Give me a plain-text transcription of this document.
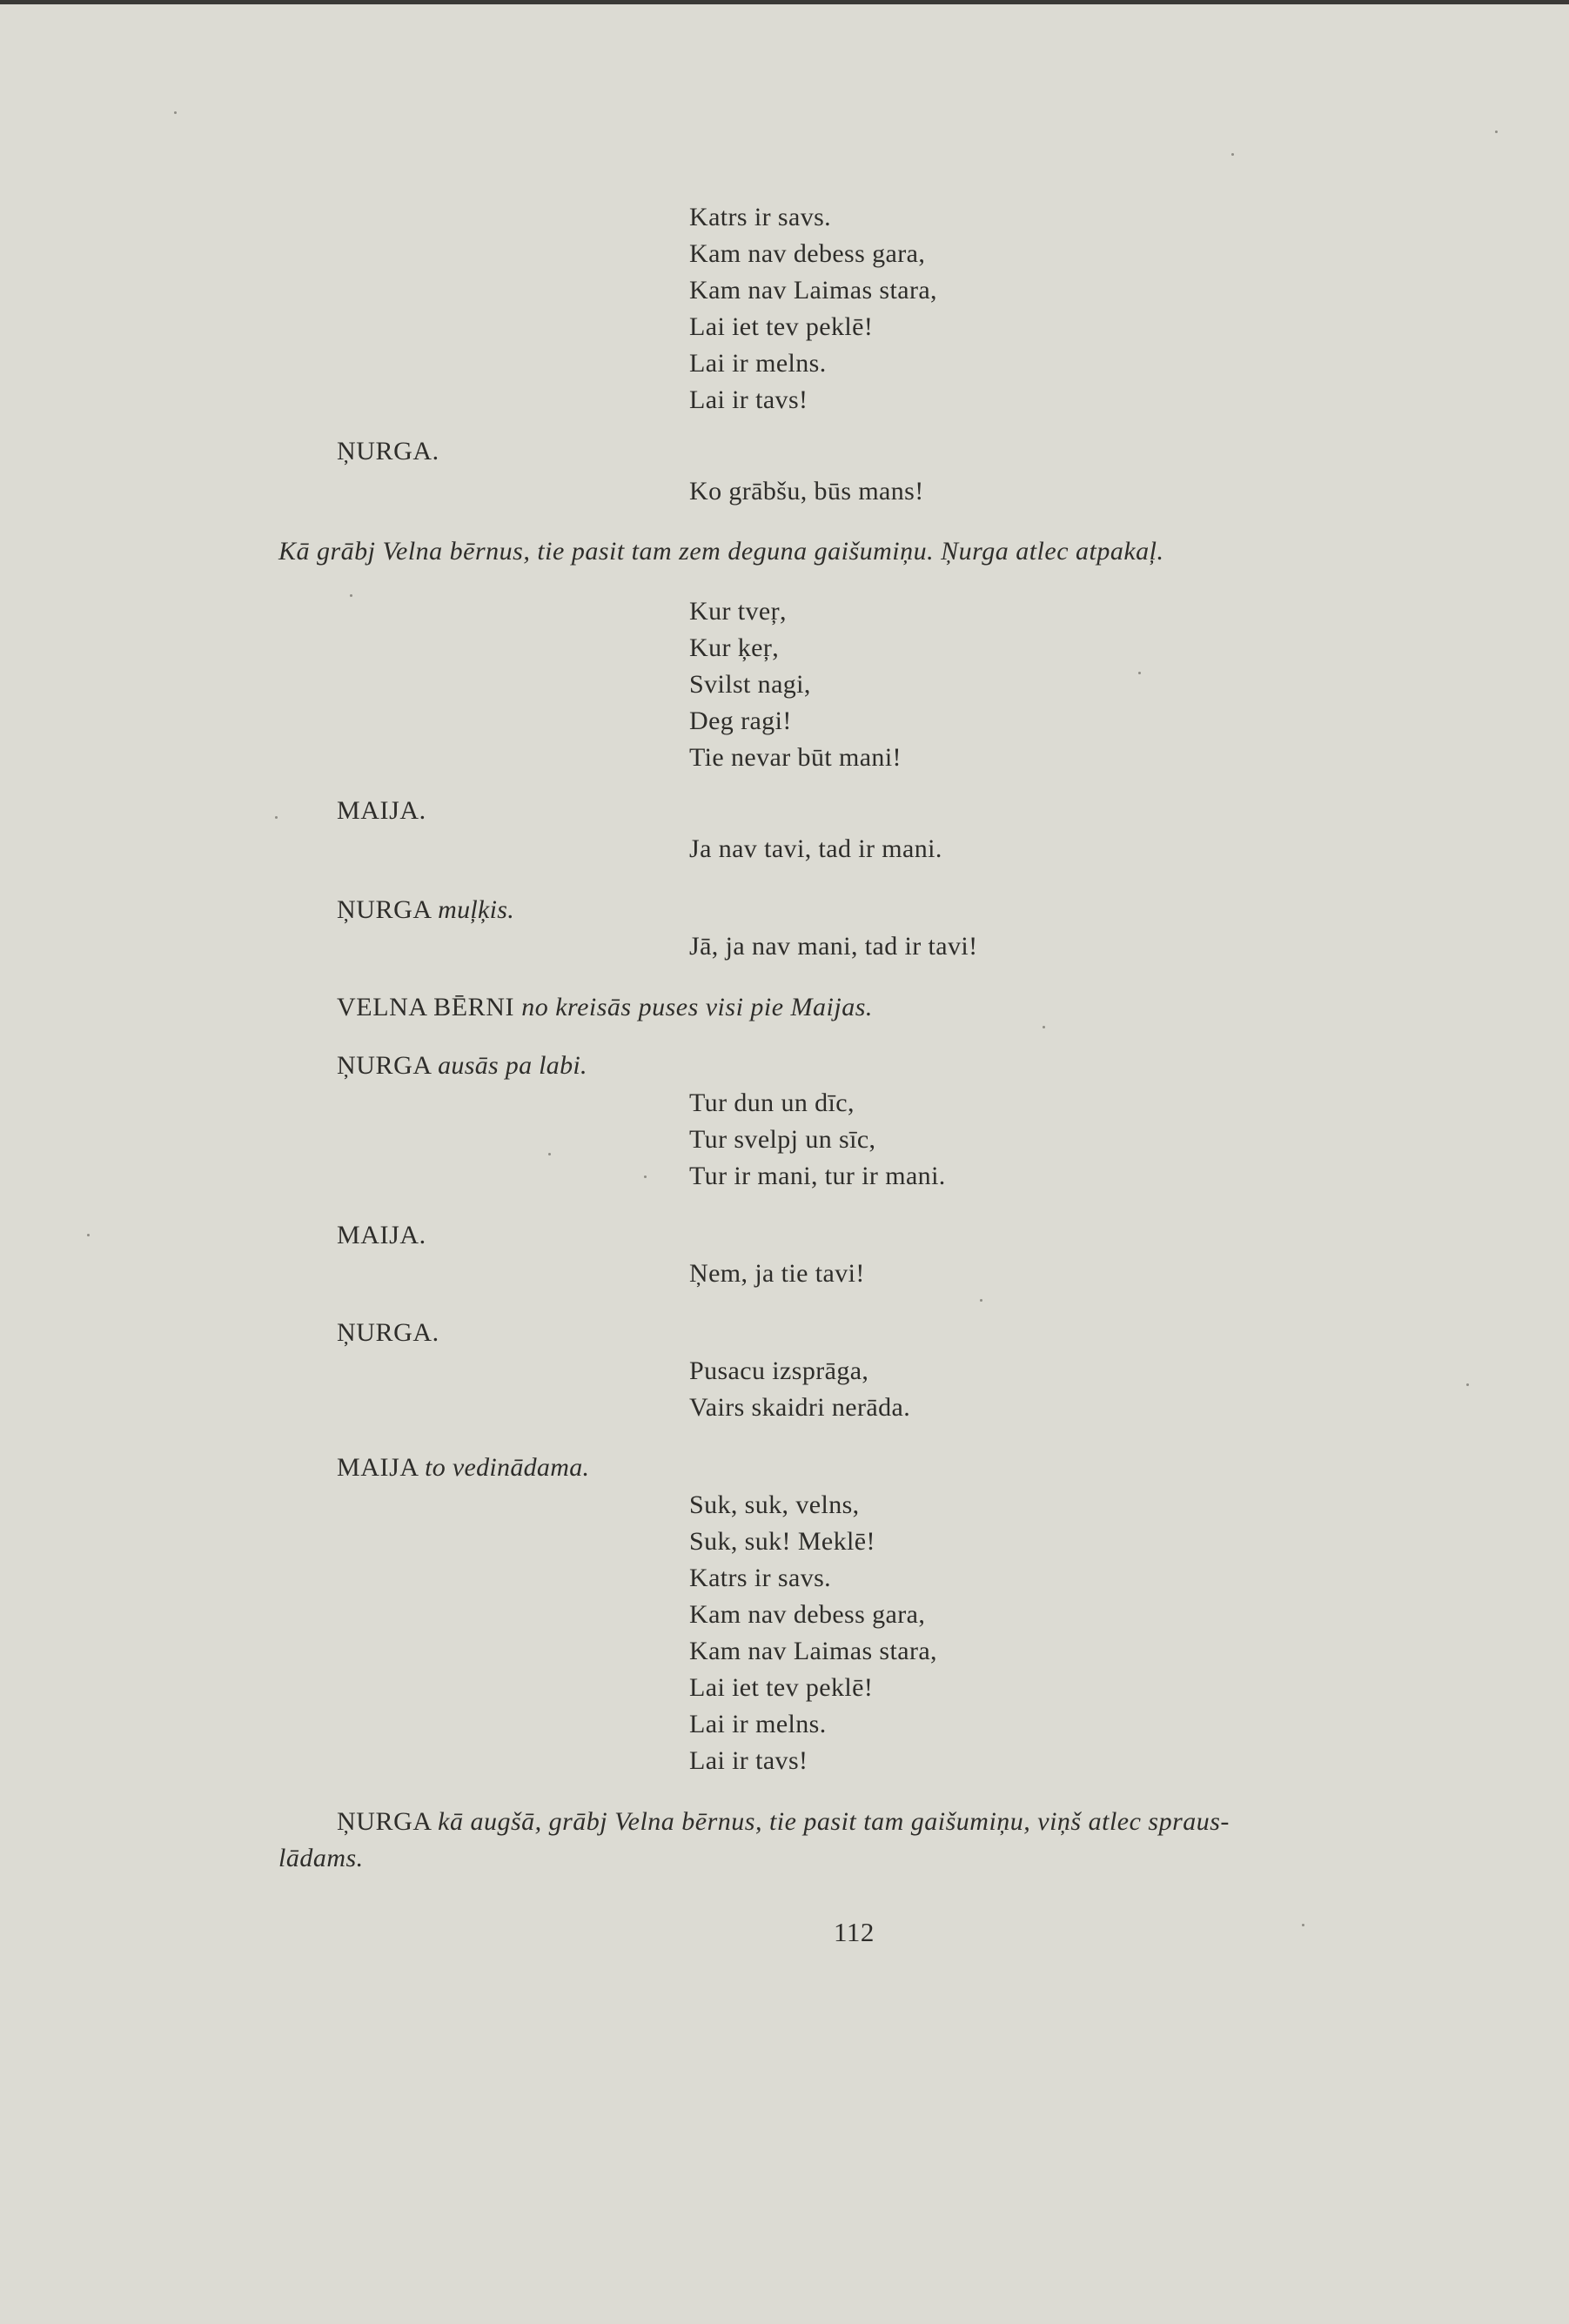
Katrs ir savs.
Kam nav debess gara,
Kam nav Laimas stara,
Lai iet tev peklē!
Lai ir melns.
Lai ir tavs!
ŅURGA.
Ko grābšu, būs mans!
Kā grābj Velna bērnus, tie pasit tam zem deguna gaišumiņu. Ņurga atlec atpakaļ.
Kur tveŗ,
Kur ķeŗ,
Svilst nagi,
Deg ragi!
Tie nevar būt mani!
MAIJA.
Ja nav tavi, tad ir mani.
ŅURGA muļķis.
Jā, ja nav mani, tad ir tavi!
VELNA BĒRNI no kreisās puses visi pie Maijas.
ŅURGA ausās pa labi.
Tur dun un dīc,
Tur svelpj un sīc,
Tur ir mani, tur ir mani.
MAIJA.
Ņem, ja tie tavi!
ŅURGA.
Pusacu izsprāga,
Vairs skaidri nerāda.
MAIJA to vedinādama.
Suk, suk, velns,
Suk, suk! Meklē!
Katrs ir savs.
Kam nav debess gara,
Kam nav Laimas stara,
Lai iet tev peklē!
Lai ir melns.
Lai ir tavs!
ŅURGA kā augšā, grābj Velna bērnus, tie pasit tam gaišumiņu, viņš atlec spraus-
lādams.
112
